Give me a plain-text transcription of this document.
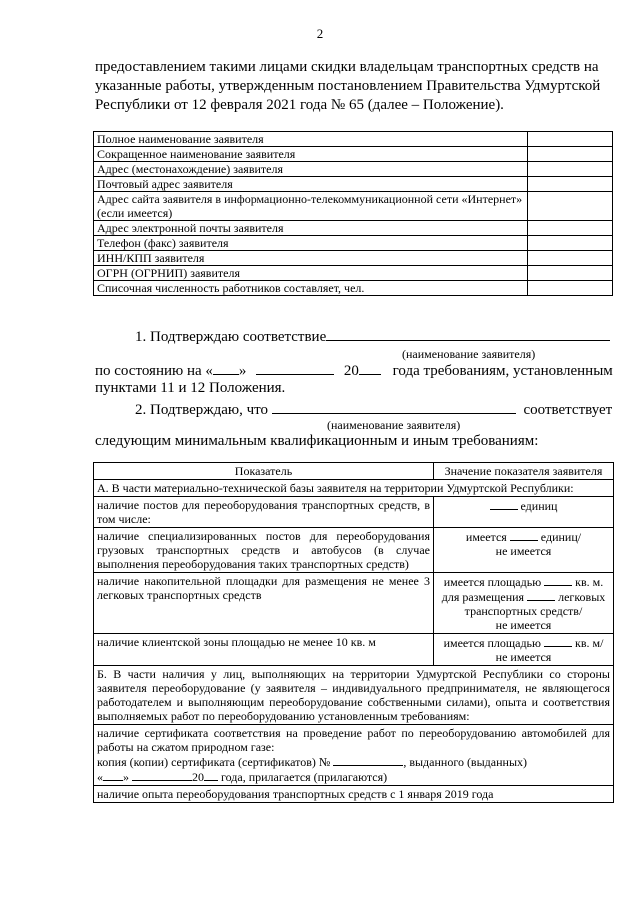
2
предоставлением такими лицами скидки владельцам транспортных средств на
указанные работы, утвержденным постановлением Правительства Удмуртской
Республики от 12 февраля 2021 года № 65 (далее – Положение).
Полное наименование заявителя	
Сокращенное наименование заявителя	
Адрес (местонахождение) заявителя	
Почтовый адрес заявителя	
Адрес сайта заявителя в информационно-телекоммуникационной сети «Интернет» (если имеется)	
Адрес электронной почты заявителя	
Телефон (факс) заявителя	
ИНН/КПП заявителя	
ОГРН (ОГРНИП) заявителя	
Списочная численность работников составляет, чел.	
1. Подтверждаю соответствие
(наименование заявителя)
по состоянию на « »	20 года требованиям, установленным
пунктами 11 и 12 Положения.
2. Подтверждаю, что	соответствует
(наименование заявителя)
следующим минимальным квалификационным и иным требованиям:
Показатель	Значение показателя заявителя
А. В части материально-технической базы заявителя на территории Удмуртской Республики:	
наличие постов для переоборудования транспортных средств, в том числе:	единиц
наличие специализированных постов для переоборудования грузовых транспортных средств и автобусов (в случае выполнения переоборудования таких транспортных средств)	имеется единиц/
не имеется
наличие накопительной площадки для размещения не менее 3 легковых транспортных средств	имеется площадью кв. м.
для размещения легковых
транспортных средств/
не имеется
наличие клиентской зоны площадью не менее 10 кв. м	имеется площадью кв. м/
не имеется
Б. В части наличия у лиц, выполняющих на территории Удмуртской Республики со стороны заявителя переоборудование (у заявителя – индивидуального предпринимателя, не являющегося работодателем и выполняющим переоборудование собственными силами), опыта и соответствия выполняемых работ по переоборудованию установленным требованиям:	

наличие сертификата соответствия на проведение работ по переоборудованию автомобилей для работы на сжатом природном газе:
копия (копии) сертификата (сертификатов) № , выданного (выданных)
« » 20 года, прилагается (прилагаются)	

наличие опыта переоборудования транспортных средств с 1 января 2019 года	
